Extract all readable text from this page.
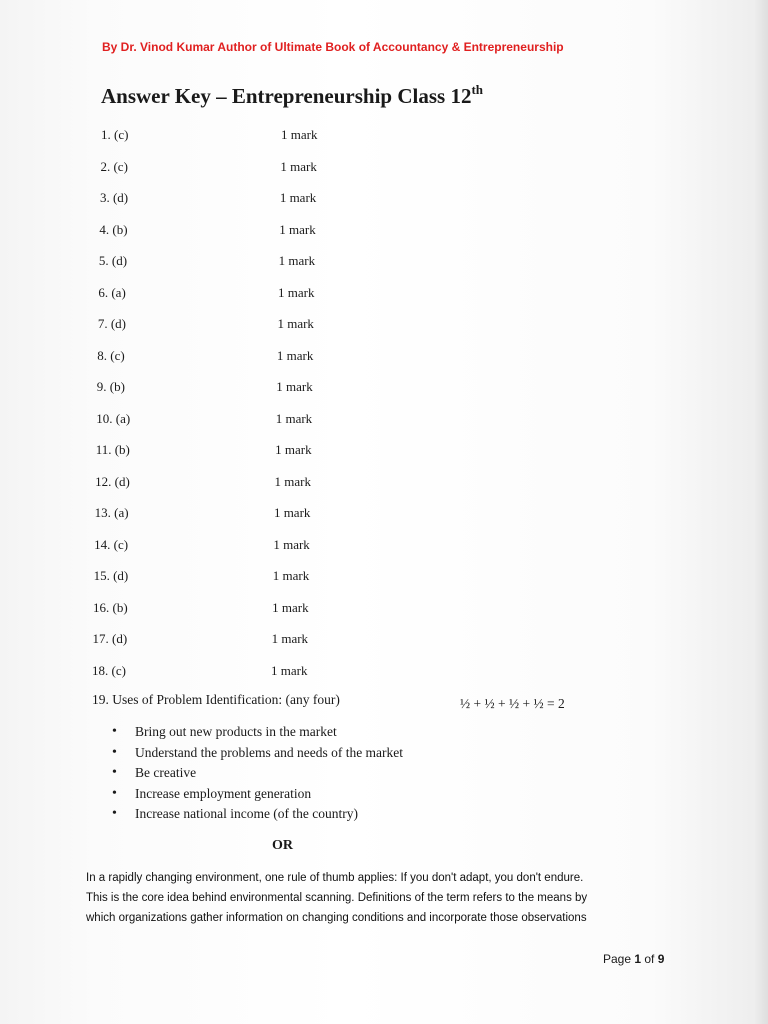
By Dr. Vinod Kumar Author of Ultimate Book of Accountancy & Entrepreneurship
Answer Key – Entrepreneurship Class 12th
1. (c)	1 mark
2. (c)	1 mark
3. (d)	1 mark
4. (b)	1 mark
5. (d)	1 mark
6. (a)	1 mark
7. (d)	1 mark
8. (c)	1 mark
9. (b)	1 mark
10. (a)	1 mark
11. (b)	1 mark
12. (d)	1 mark
13. (a)	1 mark
14. (c)	1 mark
15. (d)	1 mark
16. (b)	1 mark
17. (d)	1 mark
18. (c)	1 mark
19. Uses of Problem Identification: (any four)	½ + ½ + ½ + ½ = 2
• Bring out new products in the market
• Understand the problems and needs of the market
• Be creative
• Increase employment generation
• Increase national income (of the country)
OR
In a rapidly changing environment, one rule of thumb applies: If you don't adapt, you don't endure.
This is the core idea behind environmental scanning. Definitions of the term refers to the means by
which organizations gather information on changing conditions and incorporate those observations
Page 1 of 9
